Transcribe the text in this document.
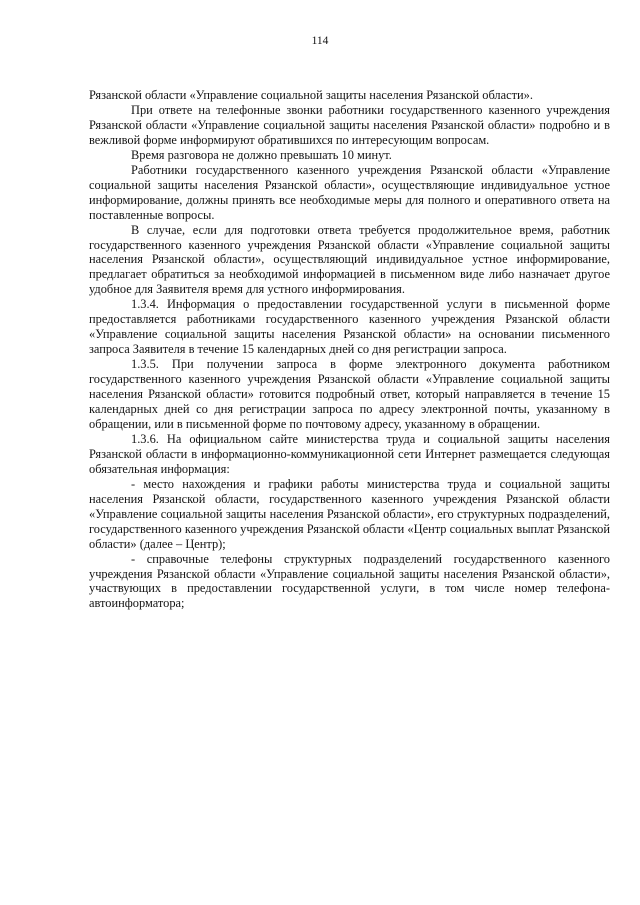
114

Рязанской области «Управление социальной защиты населения Рязанской области».

При ответе на телефонные звонки работники государственного казенного учреждения Рязанской области «Управление социальной защиты населения Рязанской области» подробно и в вежливой форме информируют обратившихся по интересующим вопросам.

Время разговора не должно превышать 10 минут.

Работники государственного казенного учреждения Рязанской области «Управление социальной защиты населения Рязанской области», осуществляющие индивидуальное устное информирование, должны принять все необходимые меры для полного и оперативного ответа на поставленные вопросы.

В случае, если для подготовки ответа требуется продолжительное время, работник государственного казенного учреждения Рязанской области «Управление социальной защиты населения Рязанской области», осуществляющий индивидуальное устное информирование, предлагает обратиться за необходимой информацией в письменном виде либо назначает другое удобное для Заявителя время для устного информирования.

1.3.4. Информация о предоставлении государственной услуги в письменной форме предоставляется работниками государственного казенного учреждения Рязанской области «Управление социальной защиты населения Рязанской области» на основании письменного запроса Заявителя в течение 15 календарных дней со дня регистрации запроса.

1.3.5. При получении запроса в форме электронного документа работником государственного казенного учреждения Рязанской области «Управление социальной защиты населения Рязанской области» готовится подробный ответ, который направляется в течение 15 календарных дней со дня регистрации запроса по адресу электронной почты, указанному в обращении, или в письменной форме по почтовому адресу, указанному в обращении.

1.3.6. На официальном сайте министерства труда и социальной защиты населения Рязанской области в информационно-коммуникационной сети Интернет размещается следующая обязательная информация:

- место нахождения и графики работы министерства труда и социальной защиты населения Рязанской области, государственного казенного учреждения Рязанской области «Управление социальной защиты населения Рязанской области», его структурных подразделений, государственного казенного учреждения Рязанской области «Центр социальных выплат Рязанской области» (далее – Центр);

- справочные телефоны структурных подразделений государственного казенного учреждения Рязанской области «Управление социальной защиты населения Рязанской области», участвующих в предоставлении государственной услуги, в том числе номер телефона-автоинформатора;
